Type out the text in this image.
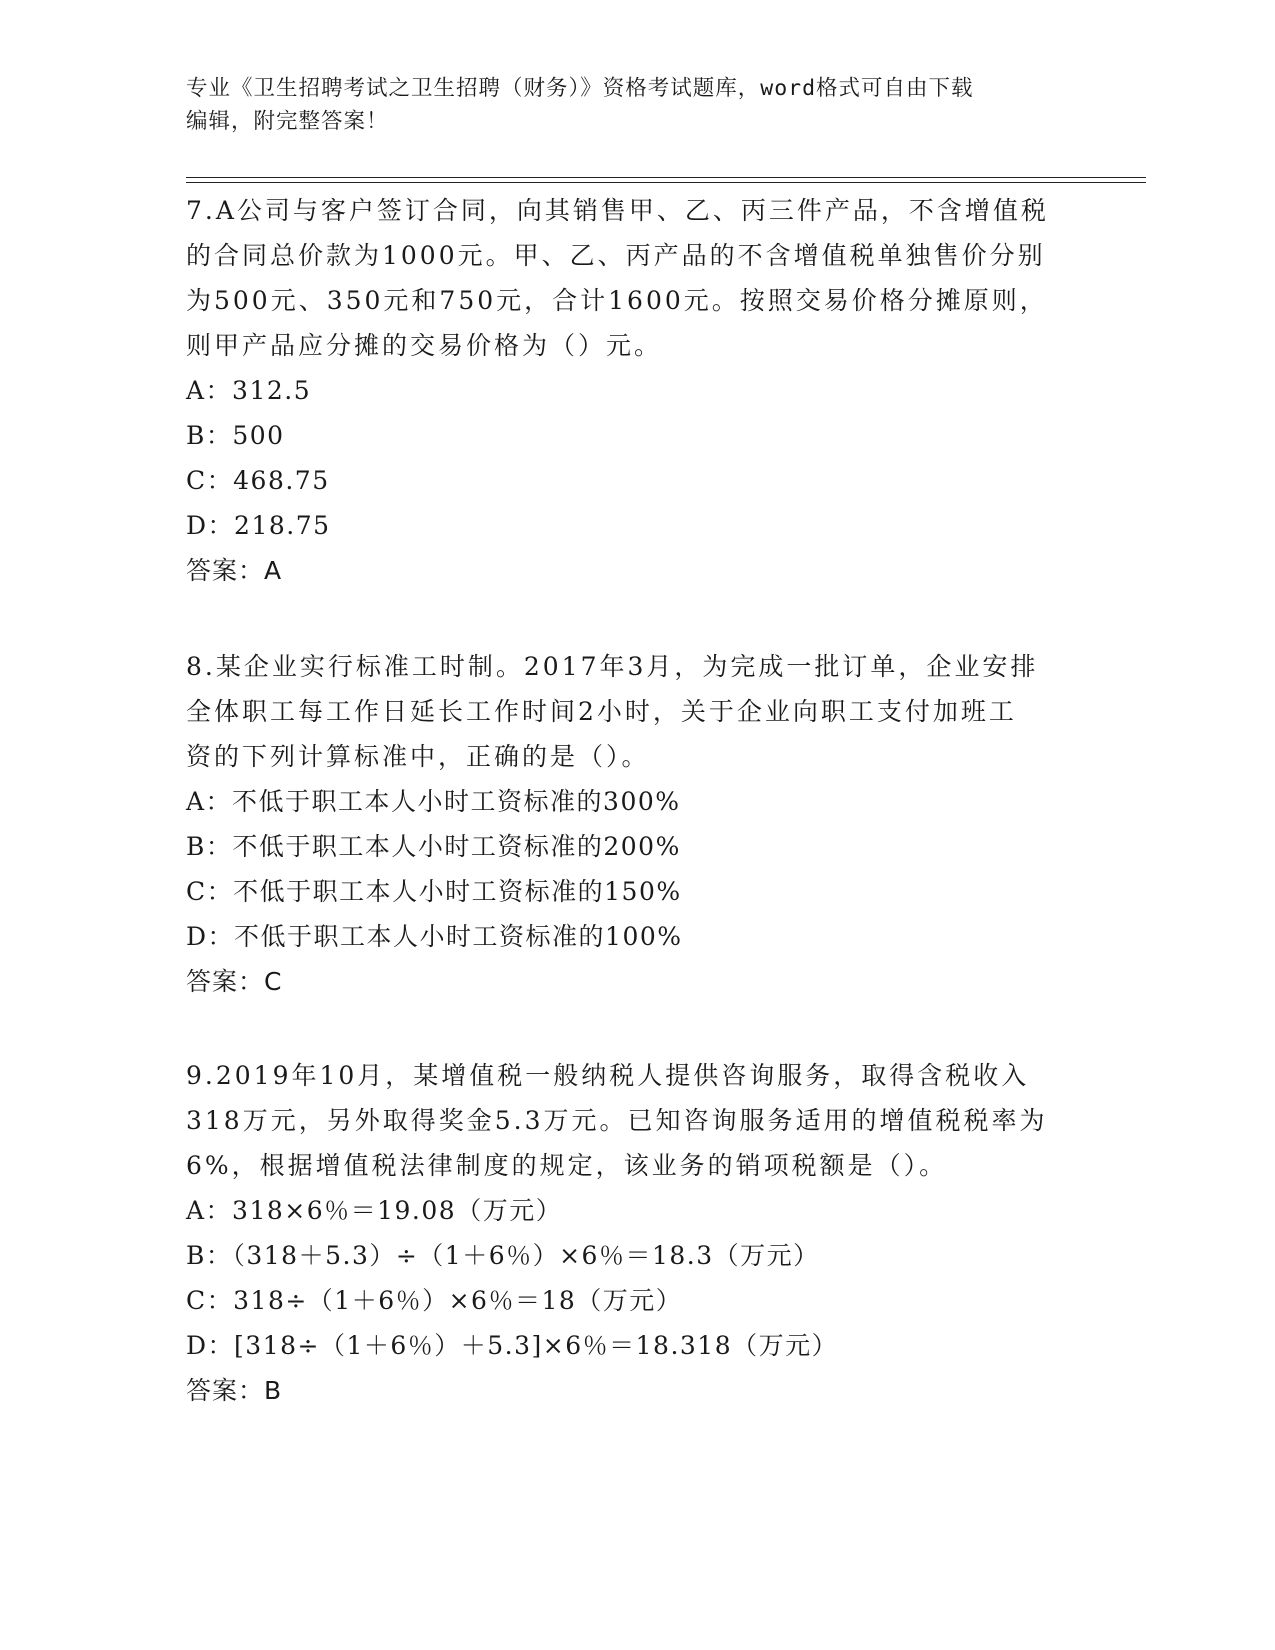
专业《卫生招聘考试之卫生招聘（财务）》资格考试题库，word格式可自由下载
编辑，附完整答案！
7.A公司与客户签订合同，向其销售甲、乙、丙三件产品，不含增值税
的合同总价款为1000元。甲、乙、丙产品的不含增值税单独售价分别
为500元、350元和750元，合计1600元。按照交易价格分摊原则，
则甲产品应分摊的交易价格为（）元。
A：312.5
B：500
C：468.75
D：218.75
答案：A
8.某企业实行标准工时制。2017年3月，为完成一批订单，企业安排
全体职工每工作日延长工作时间2小时，关于企业向职工支付加班工
资的下列计算标准中，正确的是（）。
A：不低于职工本人小时工资标准的300%
B：不低于职工本人小时工资标准的200%
C：不低于职工本人小时工资标准的150%
D：不低于职工本人小时工资标准的100%
答案：C
9.2019年10月，某增值税一般纳税人提供咨询服务，取得含税收入
318万元，另外取得奖金5.3万元。已知咨询服务适用的增值税税率为
6%，根据增值税法律制度的规定，该业务的销项税额是（）。
A：318×6％＝19.08（万元）
B：（318＋5.3）÷（1＋6％）×6％＝18.3（万元）
C：318÷（1＋6％）×6％＝18（万元）
D：[318÷（1＋6％）＋5.3]×6％＝18.318（万元）
答案：B
